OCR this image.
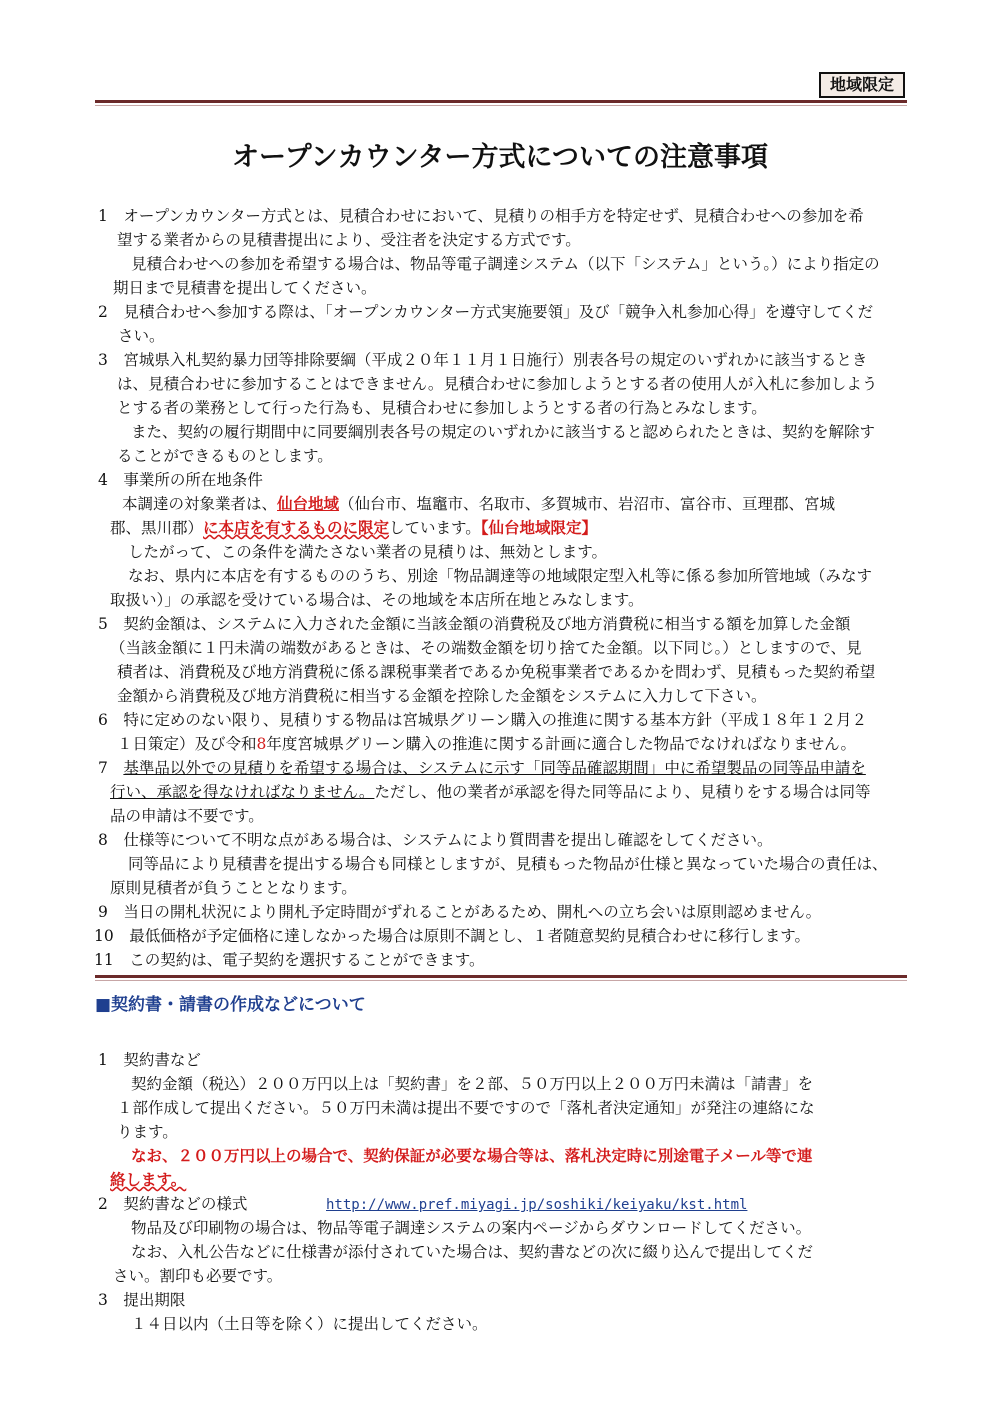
地域限定
オープンカウンター方式についての注意事項
1　オープンカウンター方式とは、見積合わせにおいて、見積りの相手方を特定せず、見積合わせへの参加を希
望する業者からの見積書提出により、受注者を決定する方式です。
見積合わせへの参加を希望する場合は、物品等電子調達システム（以下「システム」という。）により指定の
期日まで見積書を提出してください。
2　見積合わせへ参加する際は、「オープンカウンター方式実施要領」及び「競争入札参加心得」を遵守してくだ
さい。
3　宮城県入札契約暴力団等排除要綱（平成２０年１１月１日施行）別表各号の規定のいずれかに該当するとき
は、見積合わせに参加することはできません。見積合わせに参加しようとする者の使用人が入札に参加しよう
とする者の業務として行った行為も、見積合わせに参加しようとする者の行為とみなします。
また、契約の履行期間中に同要綱別表各号の規定のいずれかに該当すると認められたときは、契約を解除す
ることができるものとします。
4　事業所の所在地条件
本調達の対象業者は、仙台地域（仙台市、塩竈市、名取市、多賀城市、岩沼市、富谷市、亘理郡、宮城
郡、黒川郡）に本店を有するものに限定しています。【仙台地域限定】
したがって、この条件を満たさない業者の見積りは、無効とします。
なお、県内に本店を有するもののうち、別途「物品調達等の地域限定型入札等に係る参加所管地域（みなす
取扱い）」の承認を受けている場合は、その地域を本店所在地とみなします。
5　契約金額は、システムに入力された金額に当該金額の消費税及び地方消費税に相当する額を加算した金額
（当該金額に１円未満の端数があるときは、その端数金額を切り捨てた金額。以下同じ。）としますので、見
積者は、消費税及び地方消費税に係る課税事業者であるか免税事業者であるかを問わず、見積もった契約希望
金額から消費税及び地方消費税に相当する金額を控除した金額をシステムに入力して下さい。
6　特に定めのない限り、見積りする物品は宮城県グリーン購入の推進に関する基本方針（平成１８年１２月２
１日策定）及び令和8年度宮城県グリーン購入の推進に関する計画に適合した物品でなければなりません。
7　基準品以外での見積りを希望する場合は、システムに示す「同等品確認期間」中に希望製品の同等品申請を
行い、承認を得なければなりません。ただし、他の業者が承認を得た同等品により、見積りをする場合は同等
品の申請は不要です。
8　仕様等について不明な点がある場合は、システムにより質問書を提出し確認をしてください。
同等品により見積書を提出する場合も同様としますが、見積もった物品が仕様と異なっていた場合の責任は、
原則見積者が負うこととなります。
9　当日の開札状況により開札予定時間がずれることがあるため、開札への立ち会いは原則認めません。
10　最低価格が予定価格に達しなかった場合は原則不調とし、１者随意契約見積合わせに移行します。
11　この契約は、電子契約を選択することができます。
■契約書・請書の作成などについて
1　契約書など
契約金額（税込）２００万円以上は「契約書」を２部、５０万円以上２００万円未満は「請書」を
１部作成して提出ください。５０万円未満は提出不要ですので「落札者決定通知」が発注の連絡にな
ります。
なお、２００万円以上の場合で、契約保証が必要な場合等は、落札決定時に別途電子メール等で連
絡します。
2　契約書などの様式	http://www.pref.miyagi.jp/soshiki/keiyaku/kst.html
物品及び印刷物の場合は、物品等電子調達システムの案内ページからダウンロードしてください。
なお、入札公告などに仕様書が添付されていた場合は、契約書などの次に綴り込んで提出してくだ
さい。割印も必要です。
3　提出期限
１４日以内（土日等を除く）に提出してください。
